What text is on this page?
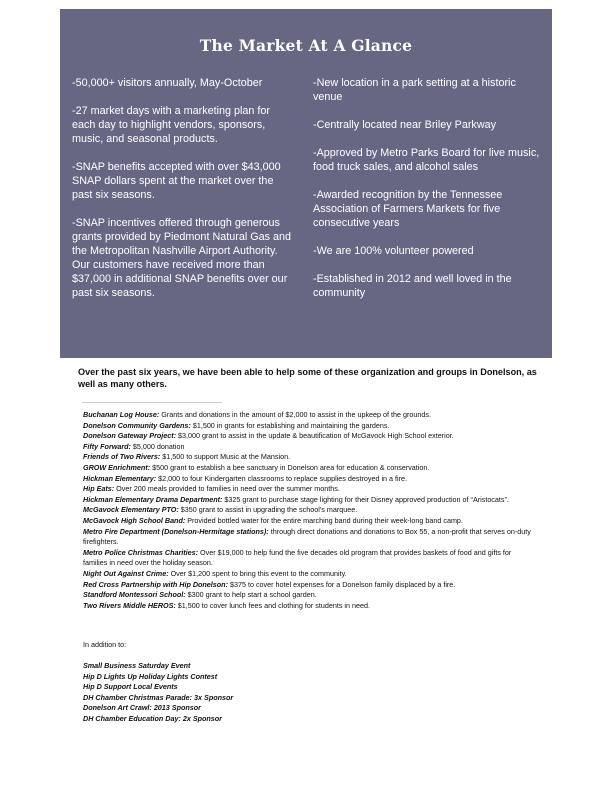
The Market At A Glance

-50,000+ visitors annually, May-October

-27 market days with a marketing plan for each day to highlight vendors, sponsors, music, and seasonal products.

-SNAP benefits accepted with over $43,000 SNAP dollars spent at the market over the past six seasons.

-SNAP incentives offered through generous grants provided by Piedmont Natural Gas and the Metropolitan Nashville Airport Authority. Our customers have received more than $37,000 in additional SNAP benefits over our past six seasons.

-New location in a park setting at a historic venue

-Centrally located near Briley Parkway

-Approved by Metro Parks Board for live music, food truck sales, and alcohol sales

-Awarded recognition by the Tennessee Association of Farmers Markets for five consecutive years

-We are 100% volunteer powered

-Established in 2012 and well loved in the community

Over the past six years, we have been able to help some of these organization and groups in Donelson, as well as many others.

Buchanan Log House: Grants and donations in the amount of $2,000 to assist in the upkeep of the grounds.
Donelson Community Gardens: $1,500 in grants for establishing and maintaining the gardens.
Donelson Gateway Project: $3,000 grant to assist in the update & beautification of McGavock High School exterior.
Fifty Forward: $5,000 donation
Friends of Two Rivers: $1,500 to support Music at the Mansion.
GROW Enrichment: $500 grant to establish a bee sanctuary in Donelson area for education & conservation.
Hickman Elementary: $2,000 to four Kindergarten classrooms to replace supplies destroyed in a fire.
Hip Eats: Over 200 meals provided to families in need over the summer months.
Hickman Elementary Drama Department: $325 grant to purchase stage lighting for their Disney approved production of “Aristocats”.
McGavock Elementary PTO: $350 grant to assist in upgrading the school’s marquee.
McGavock High School Band: Provided bottled water for the entire marching band during their week-long band camp.
Metro Fire Department (Donelson-Hermitage stations): through direct donations and donations to Box 55, a non-profit that serves on-duty firefighters.
Metro Police Christmas Charities: Over $19,000 to help fund the five decades old program that provides baskets of food and gifts for families in need over the holiday season.
Night Out Against Crime: Over $1,200 spent to bring this event to the community.
Red Cross Partnership with Hip Donelson: $375 to cover hotel expenses for a Donelson family displaced by a fire.
Standford Montessori School: $300 grant to help start a school garden.
Two Rivers Middle HEROS: $1,500 to cover lunch fees and clothing for students in need.

In addition to:

Small Business Saturday Event
Hip D Lights Up Holiday Lights Contest
Hip D Support Local Events
DH Chamber Christmas Parade: 3x Sponsor
Donelson Art Crawl: 2013 Sponsor
DH Chamber Education Day: 2x Sponsor
